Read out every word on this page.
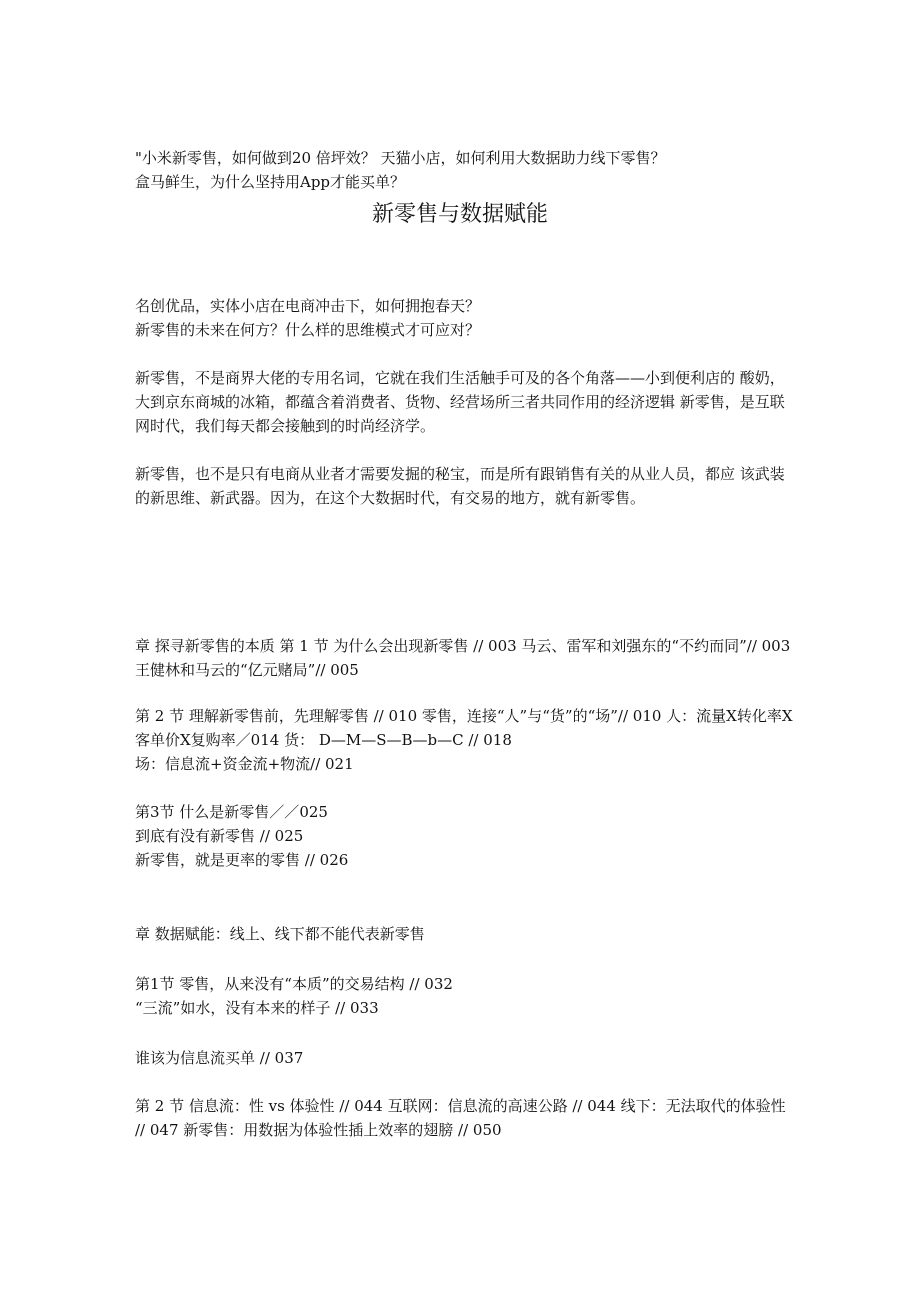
"小米新零售，如何做到20 倍坪效？ 天猫小店，如何利用大数据助力线下零售？
盒马鲜生，为什么坚持用App才能买单？
新零售与数据赋能
名创优品，实体小店在电商冲击下，如何拥抱春天？
新零售的未来在何方？什么样的思维模式才可应对？
新零售，不是商界大佬的专用名词，它就在我们生活触手可及的各个角落——小到便利店的 酸奶，大到京东商城的冰箱，都蕴含着消费者、货物、经营场所三者共同作用的经济逻辑 新零售，是互联网时代，我们每天都会接触到的时尚经济学。
新零售，也不是只有电商从业者才需要发掘的秘宝，而是所有跟销售有关的从业人员，都应 该武装的新思维、新武器。因为，在这个大数据时代，有交易的地方，就有新零售。
章 探寻新零售的本质 第 1 节 为什么会出现新零售 // 003 马云、雷军和刘强东的“不约而同”// 003 王健林和马云的“亿元赌局”// 005
第 2 节 理解新零售前，先理解零售 // 010 零售，连接“人”与“货”的“场”// 010 人：流量X转化率X客单价X复购率／014 货： D—M—S—B—b—C // 018
场：信息流+资金流+物流// 021
第3节 什么是新零售／／025
到底有没有新零售 // 025
新零售，就是更率的零售 // 026
章 数据赋能：线上、线下都不能代表新零售
第1节 零售，从来没有“本质”的交易结构 // 032
“三流”如水，没有本来的样子 // 033
谁该为信息流买单 // 037
第 2 节 信息流：性 vs 体验性 // 044 互联网：信息流的高速公路 // 044 线下：无法取代的体验性 // 047 新零售：用数据为体验性插上效率的翅膀 // 050
